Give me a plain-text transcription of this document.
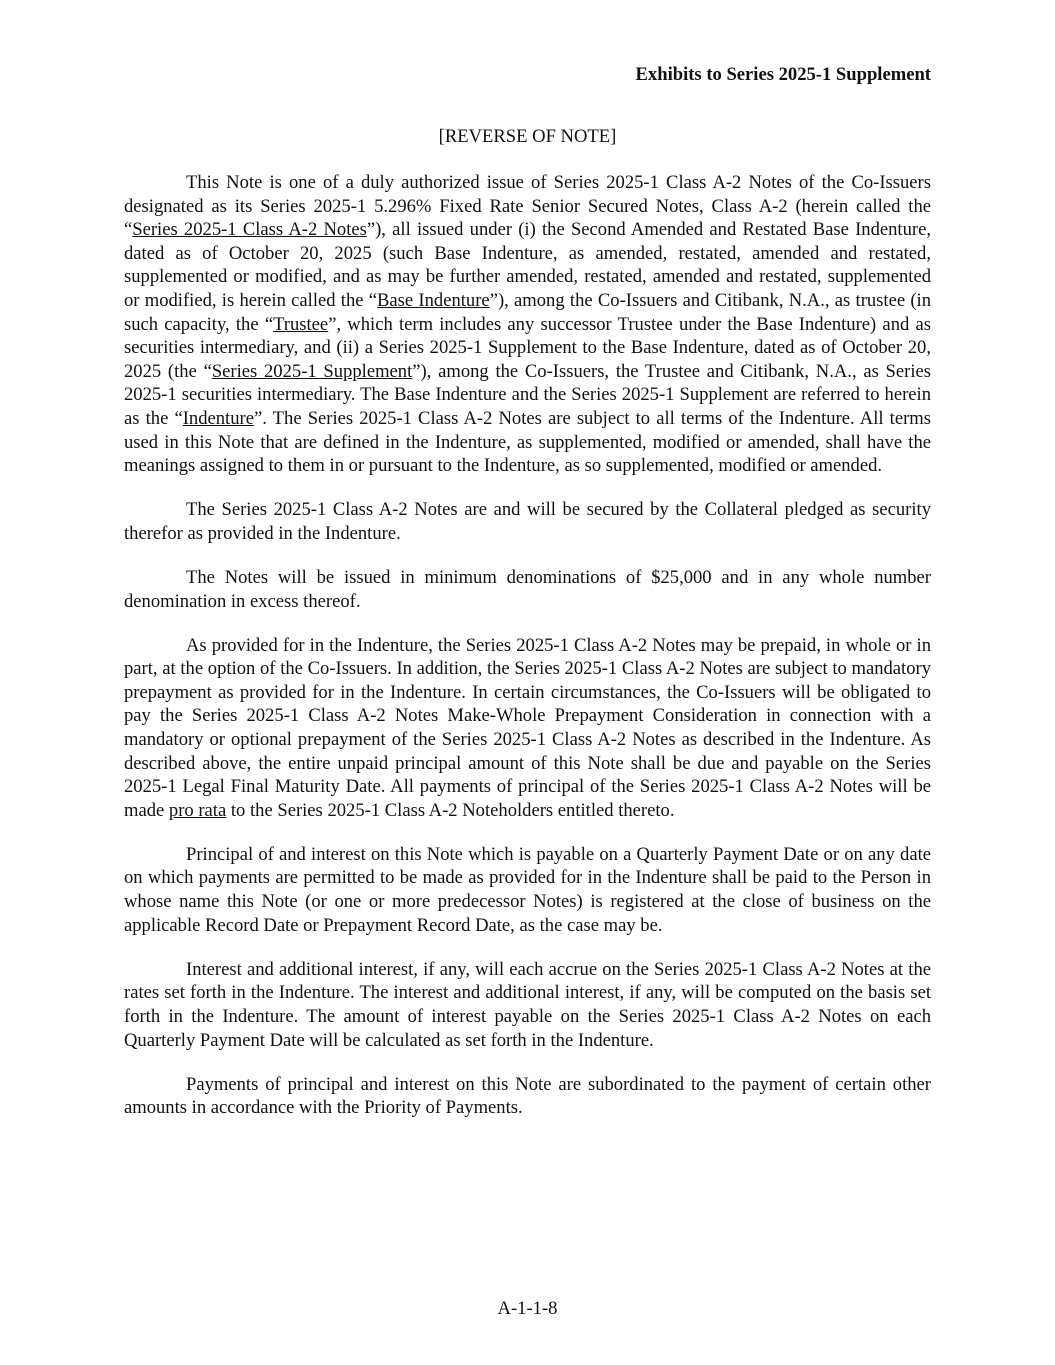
Exhibits to Series 2025-1 Supplement
[REVERSE OF NOTE]

This Note is one of a duly authorized issue of Series 2025-1 Class A-2 Notes of the Co-Issuers designated as its Series 2025-1 5.296% Fixed Rate Senior Secured Notes, Class A-2 (herein called the “Series 2025-1 Class A-2 Notes”), all issued under (i) the Second Amended and Restated Base Indenture, dated as of October 20, 2025 (such Base Indenture, as amended, restated, amended and restated, supplemented or modified, and as may be further amended, restated, amended and restated, supplemented or modified, is herein called the “Base Indenture”), among the Co-Issuers and Citibank, N.A., as trustee (in such capacity, the “Trustee”, which term includes any successor Trustee under the Base Indenture) and as securities intermediary, and (ii) a Series 2025-1 Supplement to the Base Indenture, dated as of October 20, 2025 (the “Series 2025-1 Supplement”), among the Co-Issuers, the Trustee and Citibank, N.A., as Series 2025-1 securities intermediary. The Base Indenture and the Series 2025-1 Supplement are referred to herein as the “Indenture”. The Series 2025-1 Class A-2 Notes are subject to all terms of the Indenture. All terms used in this Note that are defined in the Indenture, as supplemented, modified or amended, shall have the meanings assigned to them in or pursuant to the Indenture, as so supplemented, modified or amended.

The Series 2025-1 Class A-2 Notes are and will be secured by the Collateral pledged as security therefor as provided in the Indenture.

The Notes will be issued in minimum denominations of $25,000 and in any whole number denomination in excess thereof.

As provided for in the Indenture, the Series 2025-1 Class A-2 Notes may be prepaid, in whole or in part, at the option of the Co-Issuers. In addition, the Series 2025-1 Class A-2 Notes are subject to mandatory prepayment as provided for in the Indenture. In certain circumstances, the Co-Issuers will be obligated to pay the Series 2025-1 Class A-2 Notes Make-Whole Prepayment Consideration in connection with a mandatory or optional prepayment of the Series 2025-1 Class A-2 Notes as described in the Indenture. As described above, the entire unpaid principal amount of this Note shall be due and payable on the Series 2025-1 Legal Final Maturity Date. All payments of principal of the Series 2025-1 Class A-2 Notes will be made pro rata to the Series 2025-1 Class A-2 Noteholders entitled thereto.

Principal of and interest on this Note which is payable on a Quarterly Payment Date or on any date on which payments are permitted to be made as provided for in the Indenture shall be paid to the Person in whose name this Note (or one or more predecessor Notes) is registered at the close of business on the applicable Record Date or Prepayment Record Date, as the case may be.

Interest and additional interest, if any, will each accrue on the Series 2025-1 Class A-2 Notes at the rates set forth in the Indenture. The interest and additional interest, if any, will be computed on the basis set forth in the Indenture. The amount of interest payable on the Series 2025-1 Class A-2 Notes on each Quarterly Payment Date will be calculated as set forth in the Indenture.

Payments of principal and interest on this Note are subordinated to the payment of certain other amounts in accordance with the Priority of Payments.

A-1-1-8
